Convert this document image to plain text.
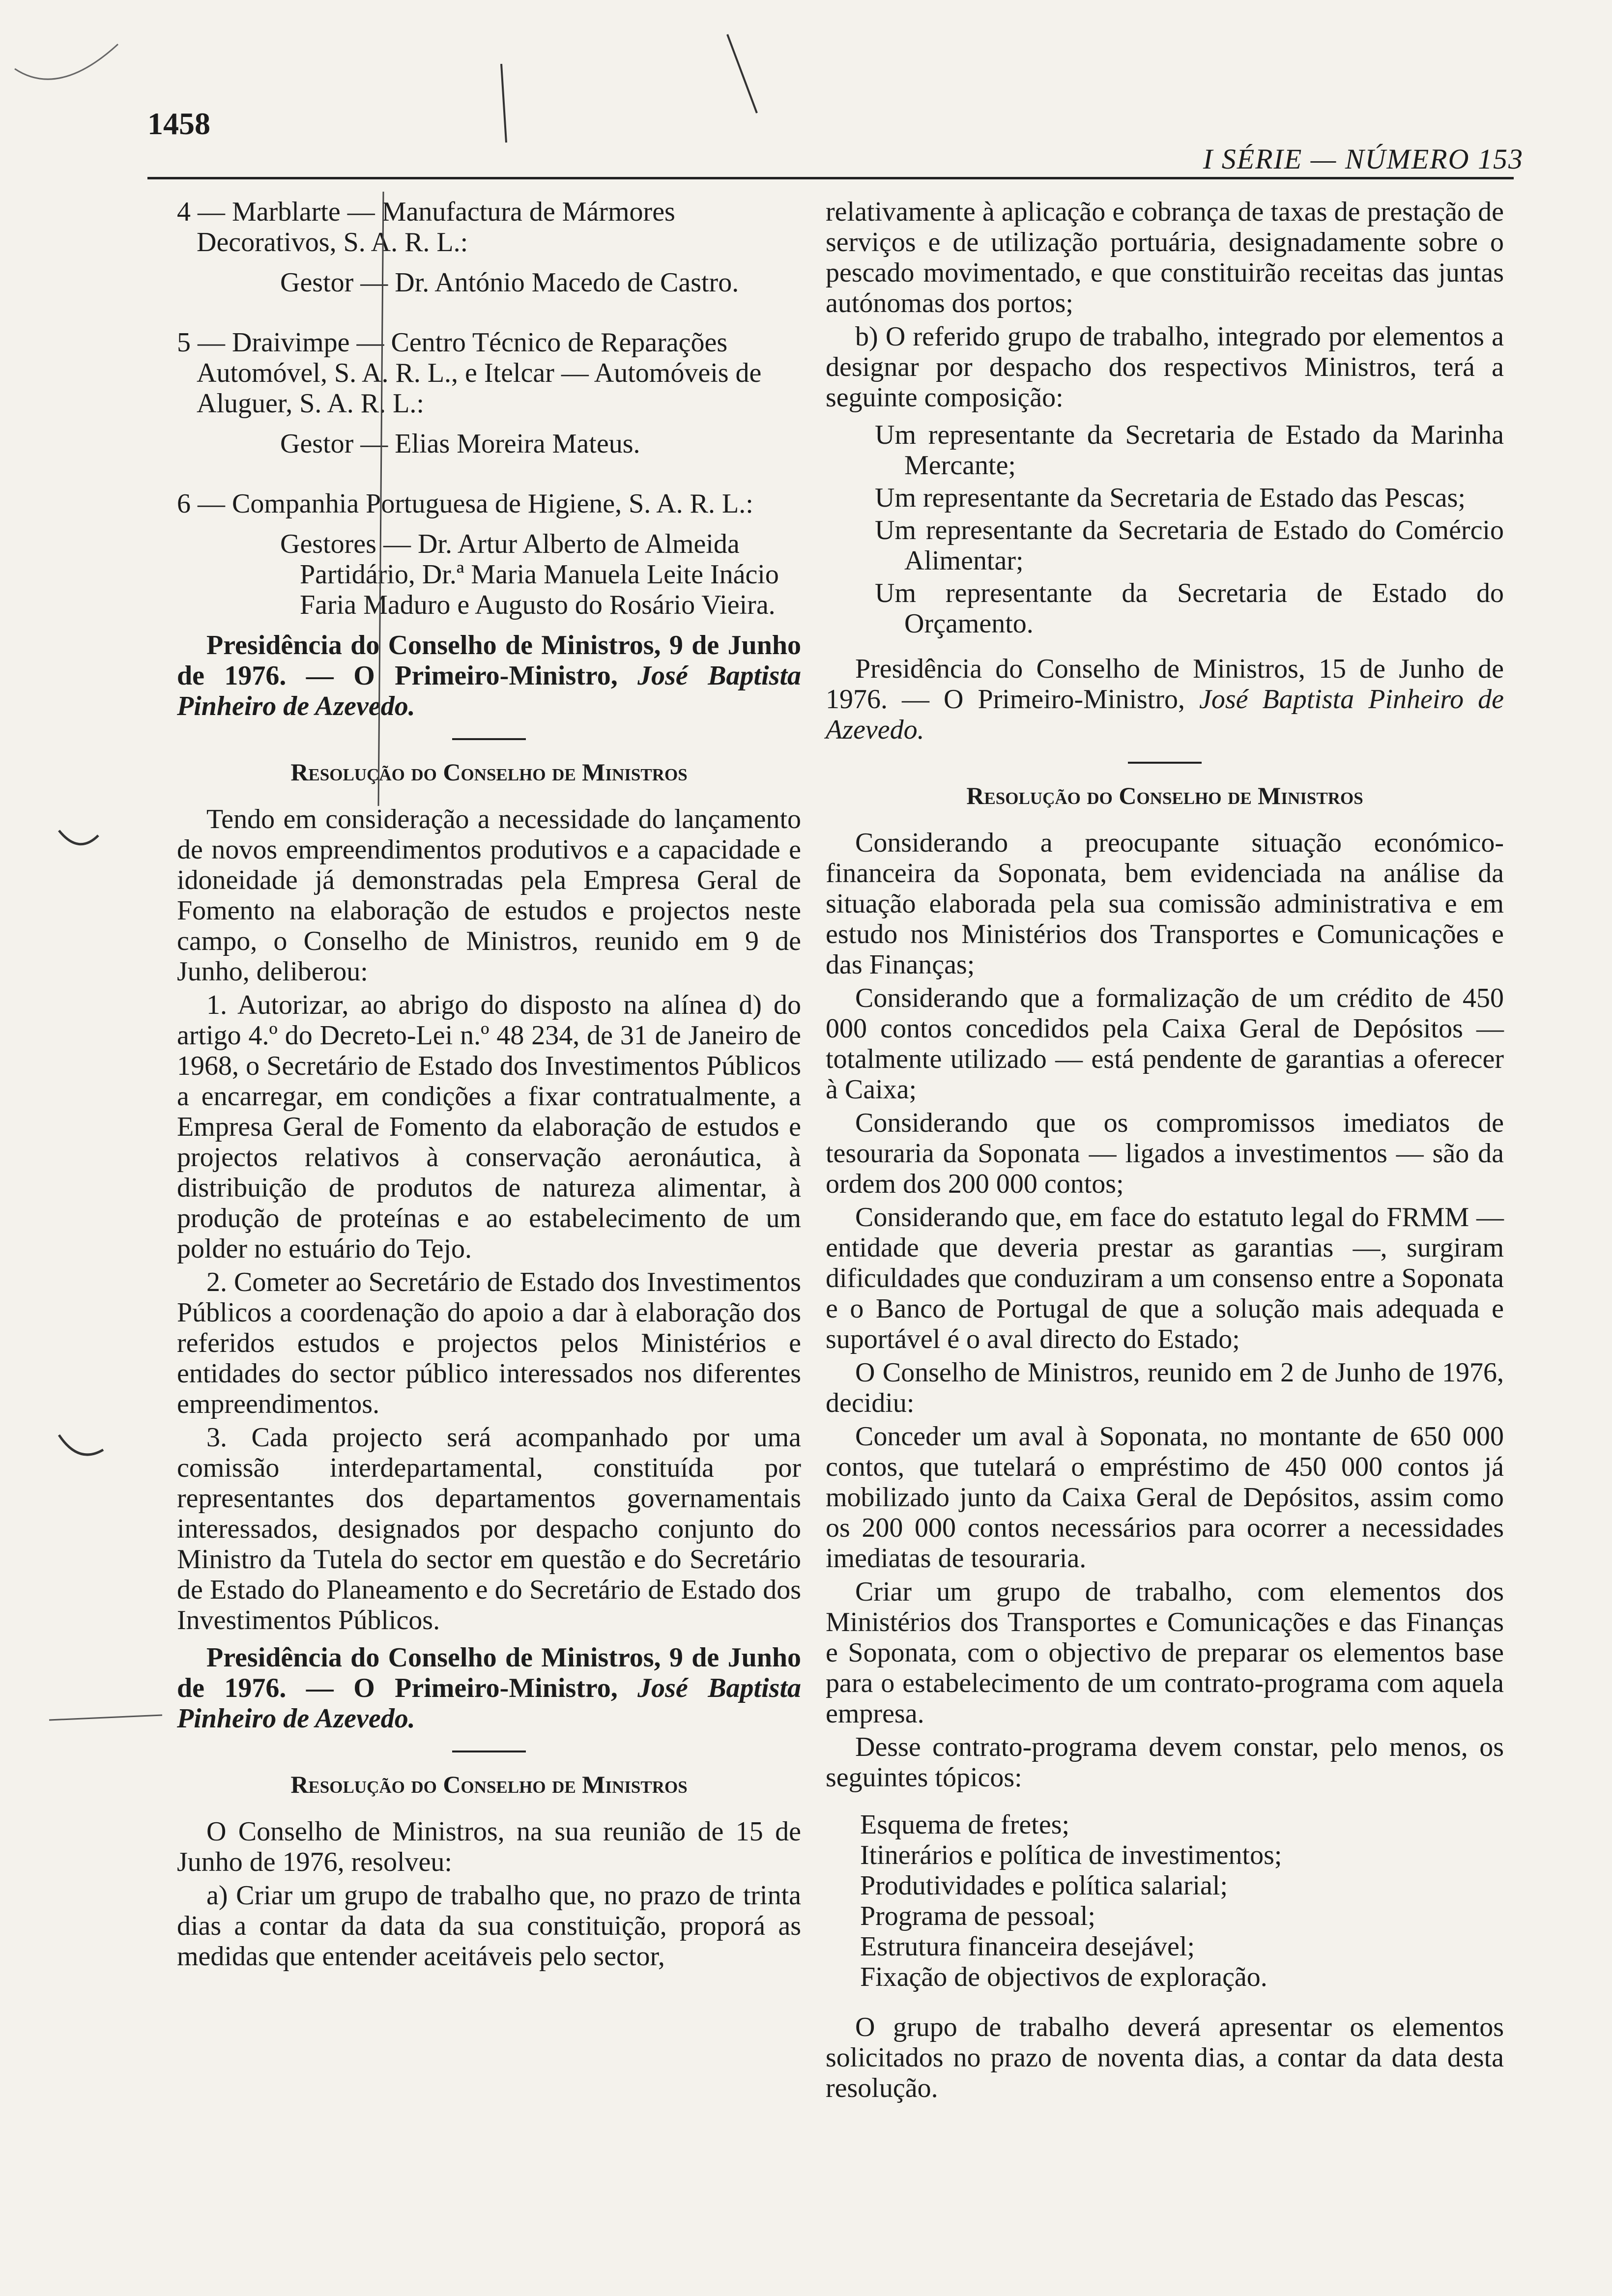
1458
I SÉRIE — NÚMERO 153
4 — Marblarte — Manufactura de Mármores Decorativos, S. A. R. L.:
Gestor — Dr. António Macedo de Castro.
5 — Draivimpe — Centro Técnico de Reparações Automóvel, S. A. R. L., e Itelcar — Automóveis de Aluguer, S. A. R. L.:
Gestor — Elias Moreira Mateus.
6 — Companhia Portuguesa de Higiene, S. A. R. L.:
Gestores — Dr. Artur Alberto de Almeida Partidário, Dr.ª Maria Manuela Leite Inácio Faria Maduro e Augusto do Rosário Vieira.

Presidência do Conselho de Ministros, 9 de Junho de 1976. — O Primeiro-Ministro, José Baptista Pinheiro de Azevedo.

Resolução do Conselho de Ministros

Tendo em consideração a necessidade do lançamento de novos empreendimentos produtivos e a capacidade e idoneidade já demonstradas pela Empresa Geral de Fomento na elaboração de estudos e projectos neste campo, o Conselho de Ministros, reunido em 9 de Junho, deliberou:

1. Autorizar, ao abrigo do disposto na alínea d) do artigo 4.º do Decreto-Lei n.º 48 234, de 31 de Janeiro de 1968, o Secretário de Estado dos Investimentos Públicos a encarregar, em condições a fixar contratualmente, a Empresa Geral de Fomento da elaboração de estudos e projectos relativos à conservação aeronáutica, à distribuição de produtos de natureza alimentar, à produção de proteínas e ao estabelecimento de um polder no estuário do Tejo.

2. Cometer ao Secretário de Estado dos Investimentos Públicos a coordenação do apoio a dar à elaboração dos referidos estudos e projectos pelos Ministérios e entidades do sector público interessados nos diferentes empreendimentos.

3. Cada projecto será acompanhado por uma comissão interdepartamental, constituída por representantes dos departamentos governamentais interessados, designados por despacho conjunto do Ministro da Tutela do sector em questão e do Secretário de Estado do Planeamento e do Secretário de Estado dos Investimentos Públicos.

Presidência do Conselho de Ministros, 9 de Junho de 1976. — O Primeiro-Ministro, José Baptista Pinheiro de Azevedo.

Resolução do Conselho de Ministros

O Conselho de Ministros, na sua reunião de 15 de Junho de 1976, resolveu:

a) Criar um grupo de trabalho que, no prazo de trinta dias a contar da data da sua constituição, proporá as medidas que entender aceitáveis pelo sector,

relativamente à aplicação e cobrança de taxas de prestação de serviços e de utilização portuária, designadamente sobre o pescado movimentado, e que constituirão receitas das juntas autónomas dos portos;

b) O referido grupo de trabalho, integrado por elementos a designar por despacho dos respectivos Ministros, terá a seguinte composição:

Um representante da Secretaria de Estado da Marinha Mercante;

Um representante da Secretaria de Estado das Pescas;

Um representante da Secretaria de Estado do Comércio Alimentar;

Um representante da Secretaria de Estado do Orçamento.

Presidência do Conselho de Ministros, 15 de Junho de 1976. — O Primeiro-Ministro, José Baptista Pinheiro de Azevedo.

Resolução do Conselho de Ministros

Considerando a preocupante situação económico-financeira da Soponata, bem evidenciada na análise da situação elaborada pela sua comissão administrativa e em estudo nos Ministérios dos Transportes e Comunicações e das Finanças;

Considerando que a formalização de um crédito de 450 000 contos concedidos pela Caixa Geral de Depósitos — totalmente utilizado — está pendente de garantias a oferecer à Caixa;

Considerando que os compromissos imediatos de tesouraria da Soponata — ligados a investimentos — são da ordem dos 200 000 contos;

Considerando que, em face do estatuto legal do FRMM — entidade que deveria prestar as garantias —, surgiram dificuldades que conduziram a um consenso entre a Soponata e o Banco de Portugal de que a solução mais adequada e suportável é o aval directo do Estado;

O Conselho de Ministros, reunido em 2 de Junho de 1976, decidiu:

Conceder um aval à Soponata, no montante de 650 000 contos, que tutelará o empréstimo de 450 000 contos já mobilizado junto da Caixa Geral de Depósitos, assim como os 200 000 contos necessários para ocorrer a necessidades imediatas de tesouraria.

Criar um grupo de trabalho, com elementos dos Ministérios dos Transportes e Comunicações e das Finanças e Soponata, com o objectivo de preparar os elementos base para o estabelecimento de um contrato-programa com aquela empresa.

Desse contrato-programa devem constar, pelo menos, os seguintes tópicos:

Esquema de fretes;

Itinerários e política de investimentos;

Produtividades e política salarial;

Programa de pessoal;

Estrutura financeira desejável;

Fixação de objectivos de exploração.

O grupo de trabalho deverá apresentar os elementos solicitados no prazo de noventa dias, a contar da data desta resolução.
